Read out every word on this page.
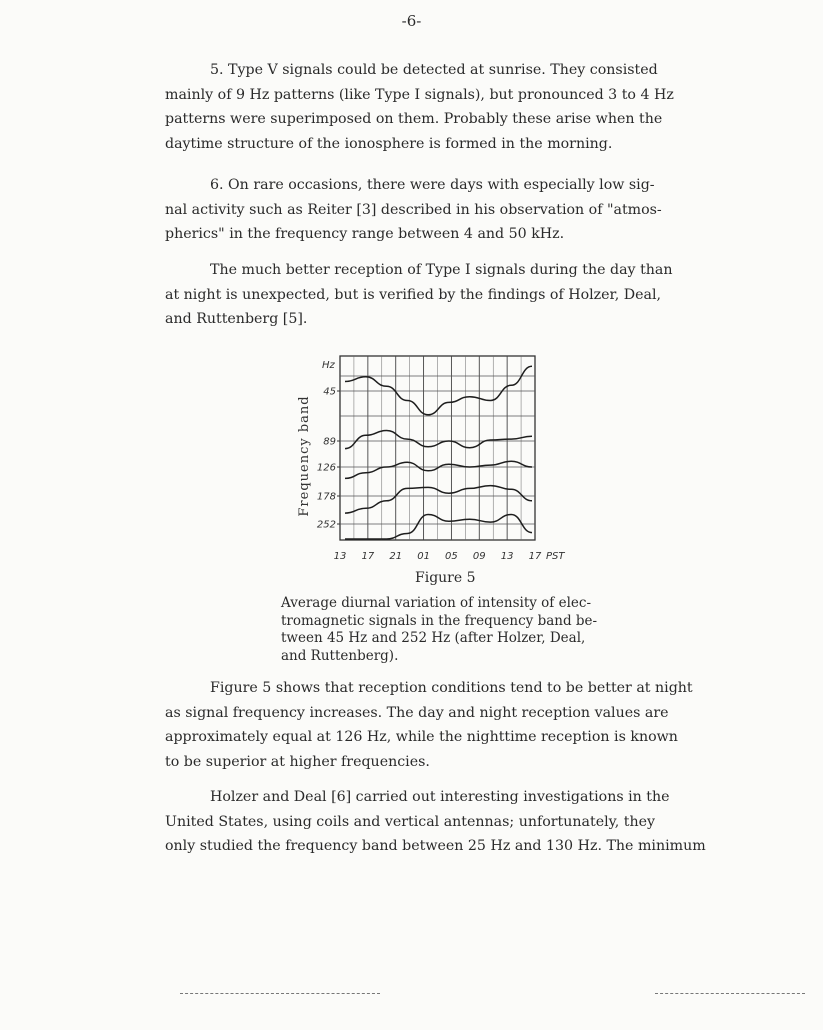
-6-

5. Type V signals could be detected at sunrise. They consisted
mainly of 9 Hz patterns (like Type I signals), but pronounced 3 to 4 Hz
patterns were superimposed on them. Probably these arise when the
daytime structure of the ionosphere is formed in the morning.

6. On rare occasions, there were days with especially low sig-
nal activity such as Reiter [3] described in his observation of "atmos-
pherics" in the frequency range between 4 and 50 kHz.

The much better reception of Type I signals during the day than
at night is unexpected, but is verified by the findings of Holzer, Deal,
and Ruttenberg [5].

45
89
126
178
252
13 17 21 01 05 09 13 17
Hz
PST
Frequency band
Figure 5

Average diurnal variation of intensity of elec-
tromagnetic signals in the frequency band be-
tween 45 Hz and 252 Hz (after Holzer, Deal,
and Ruttenberg).

Figure 5 shows that reception conditions tend to be better at night
as signal frequency increases. The day and night reception values are
approximately equal at 126 Hz, while the nighttime reception is known
to be superior at higher frequencies.

Holzer and Deal [6] carried out interesting investigations in the
United States, using coils and vertical antennas; unfortunately, they
only studied the frequency band between 25 Hz and 130 Hz. The minimum
